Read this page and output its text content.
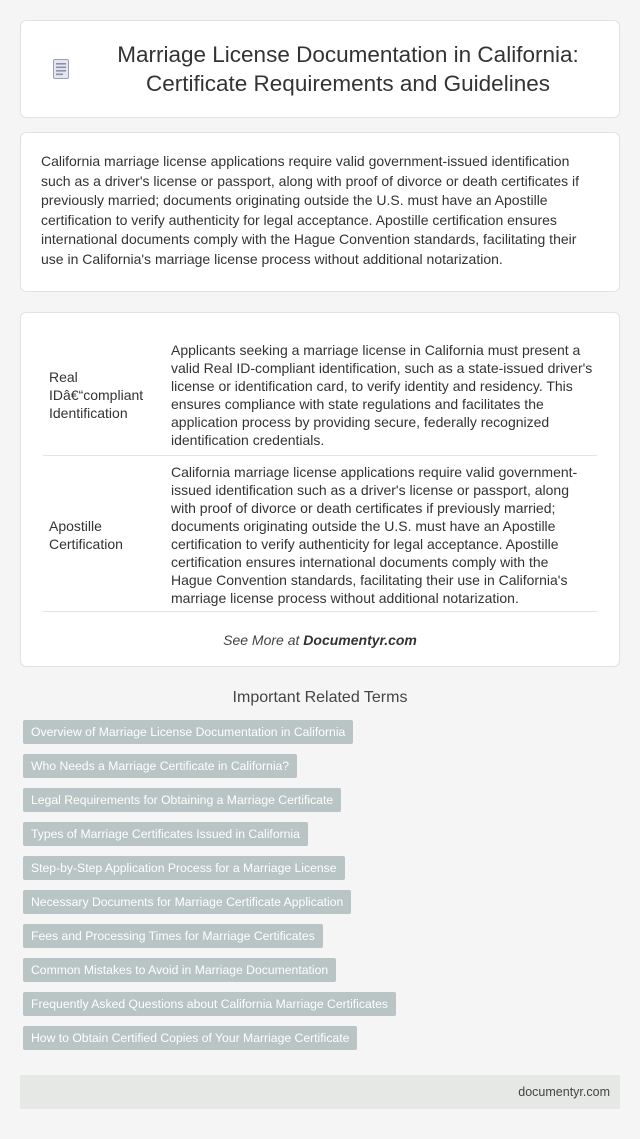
Marriage License Documentation in California: Certificate Requirements and Guidelines
California marriage license applications require valid government-issued identification such as a driver's license or passport, along with proof of divorce or death certificates if previously married; documents originating outside the U.S. must have an Apostille certification to verify authenticity for legal acceptance. Apostille certification ensures international documents comply with the Hague Convention standards, facilitating their use in California's marriage license process without additional notarization.
Real IDâ€“compliant Identification	Applicants seeking a marriage license in California must present a valid Real ID-compliant identification, such as a state-issued driver's license or identification card, to verify identity and residency. This ensures compliance with state regulations and facilitates the application process by providing secure, federally recognized identification credentials.
Apostille Certification	California marriage license applications require valid government-issued identification such as a driver's license or passport, along with proof of divorce or death certificates if previously married; documents originating outside the U.S. must have an Apostille certification to verify authenticity for legal acceptance. Apostille certification ensures international documents comply with the Hague Convention standards, facilitating their use in California's marriage license process without additional notarization.
See More at Documentyr.com
Important Related Terms
Overview of Marriage License Documentation in California
Who Needs a Marriage Certificate in California?
Legal Requirements for Obtaining a Marriage Certificate
Types of Marriage Certificates Issued in California
Step-by-Step Application Process for a Marriage License
Necessary Documents for Marriage Certificate Application
Fees and Processing Times for Marriage Certificates
Common Mistakes to Avoid in Marriage Documentation
Frequently Asked Questions about California Marriage Certificates
How to Obtain Certified Copies of Your Marriage Certificate
documentyr.com
